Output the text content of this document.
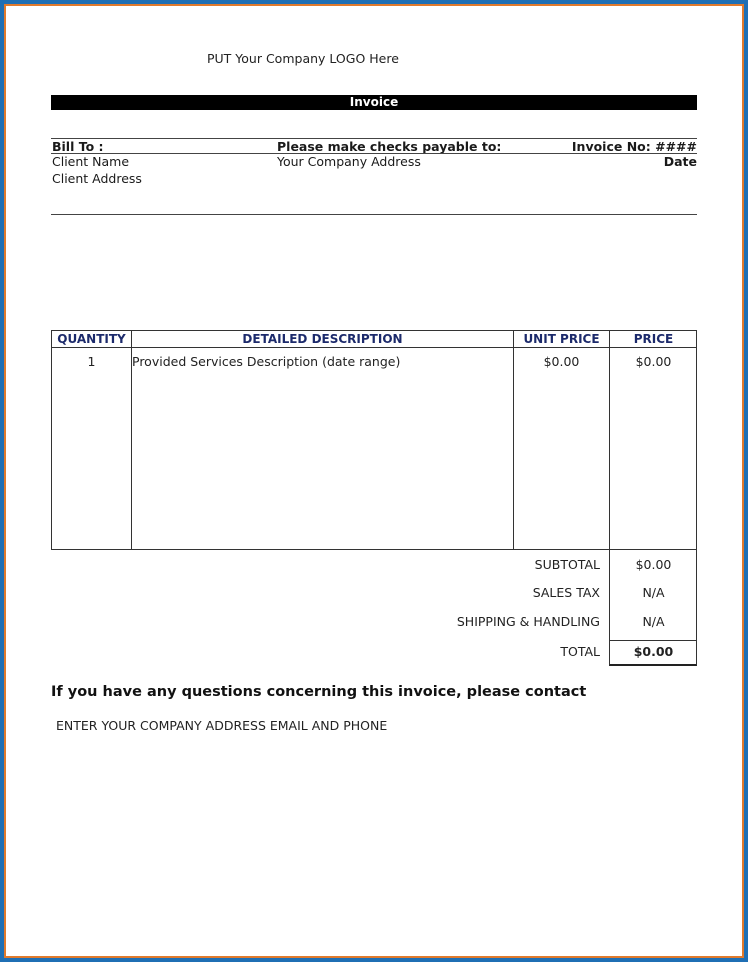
PUT Your Company LOGO Here
Invoice
Bill To :	Please make checks payable to:	Invoice No: ####
Client Name	Your Company Address	Date
Client Address
QUANTITY	DETAILED DESCRIPTION	UNIT PRICE	PRICE
1	Provided Services Description (date range)	$0.00	$0.00
SUBTOTAL	$0.00
SALES TAX	N/A
SHIPPING & HANDLING	N/A
TOTAL	$0.00
If you have any questions concerning this invoice, please contact
ENTER YOUR COMPANY ADDRESS EMAIL AND PHONE
